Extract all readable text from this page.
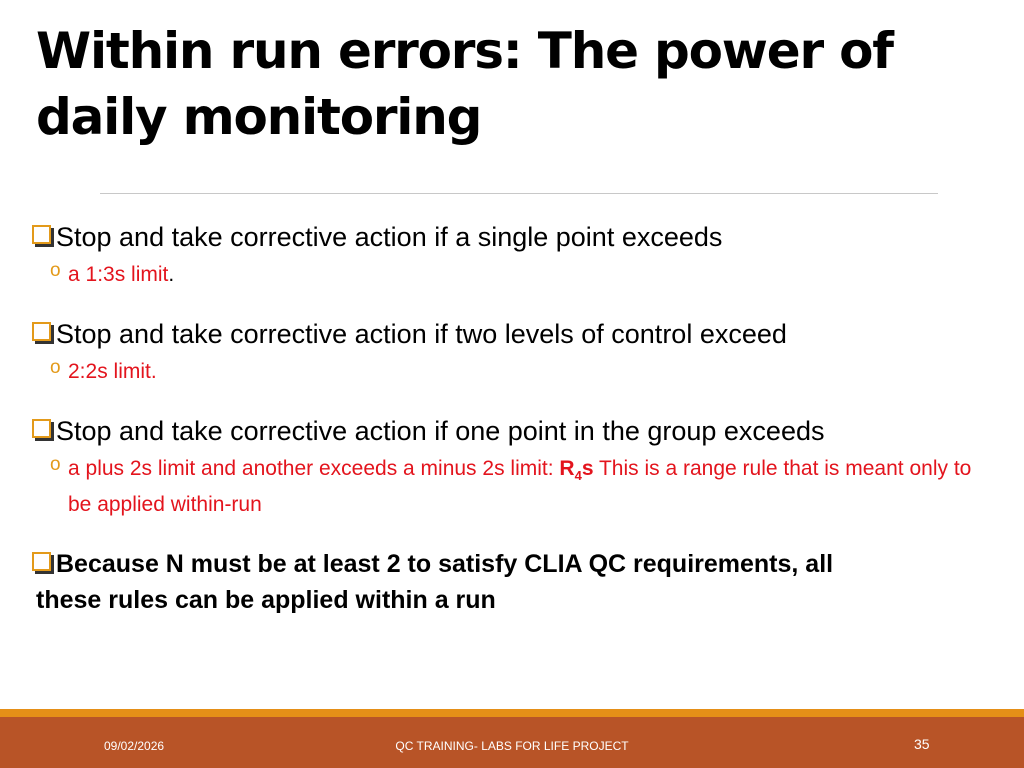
Within run errors: The power of daily monitoring
Stop and take corrective action if a single point exceeds
o a 1:3s limit.
Stop and take corrective action if two levels of control exceed
o 2:2s limit.
Stop and take corrective action if one point in the group exceeds
o a plus 2s limit and another exceeds a minus 2s limit: $R_4s$ This is a range rule that is meant only to be applied within-run
Because N must be at least 2 to satisfy CLIA QC requirements, all
these rules can be applied within a run
09/02/2026	QC TRAINING- LABS FOR LIFE PROJECT	35
